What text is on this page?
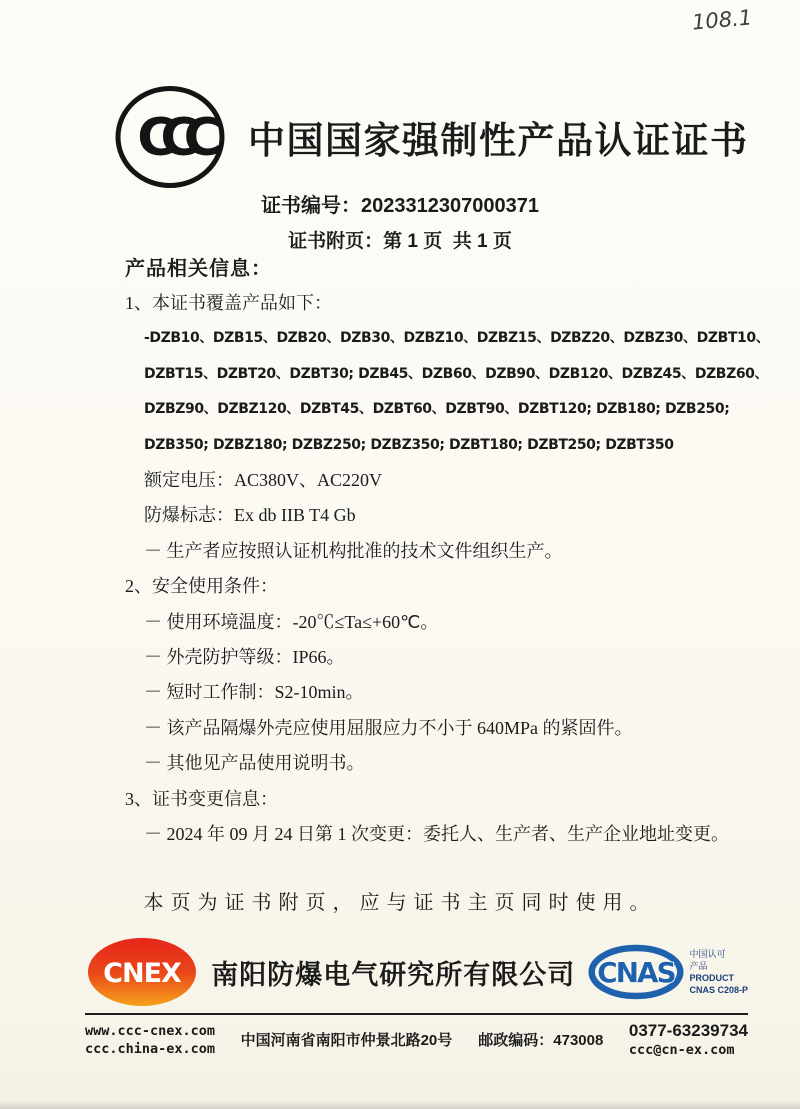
108.1
CCC	中国国家强制性产品认证证书
证书编号：2023312307000371
证书附页：第 1 页  共 1 页
产品相关信息：
1、本证书覆盖产品如下：
-DZB10、DZB15、DZB20、DZB30、DZBZ10、DZBZ15、DZBZ20、DZBZ30、DZBT10、
DZBT15、DZBT20、DZBT30; DZB45、DZB60、DZB90、DZB120、DZBZ45、DZBZ60、
DZBZ90、DZBZ120、DZBT45、DZBT60、DZBT90、DZBT120; DZB180; DZB250;
DZB350; DZBZ180; DZBZ250; DZBZ350; DZBT180; DZBT250; DZBT350
额定电压：AC380V、AC220V
防爆标志：Ex db IIB T4 Gb
－ 生产者应按照认证机构批准的技术文件组织生产。
2、安全使用条件：
－ 使用环境温度：-20℃≤Ta≤+60℃。
－ 外壳防护等级：IP66。
－ 短时工作制：S2-10min。
－ 该产品隔爆外壳应使用屈服应力不小于 640MPa 的紧固件。
－ 其他见产品使用说明书。
3、证书变更信息：
－ 2024 年 09 月 24 日第 1 次变更：委托人、生产者、生产企业地址变更。
本页为证书附页，应与证书主页同时使用。
CNEX	南阳防爆电气研究所有限公司 CNAS
中国认可
产品
PRODUCT
CNAS C208-P
www.ccc-cnex.com
ccc.china-ex.com 中国河南省南阳市仲景北路20号 邮政编码：473008
0377-63239734
ccc@cn-ex.com
